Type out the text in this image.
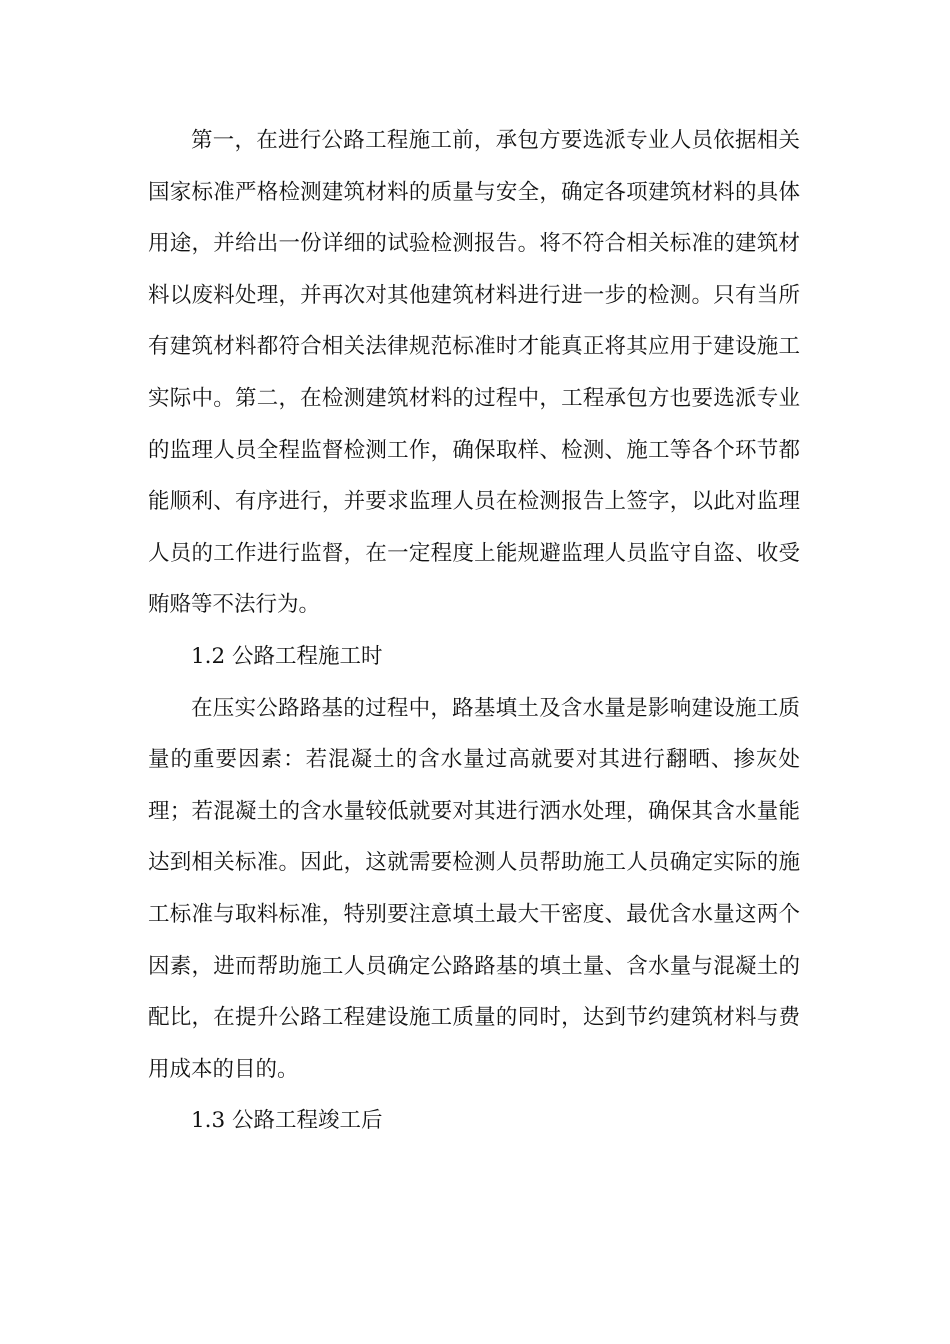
第一，在进行公路工程施工前，承包方要选派专业人员依据相关国家标准严格检测建筑材料的质量与安全，确定各项建筑材料的具体用途，并给出一份详细的试验检测报告。将不符合相关标准的建筑材料以废料处理，并再次对其他建筑材料进行进一步的检测。只有当所有建筑材料都符合相关法律规范标准时才能真正将其应用于建设施工实际中。第二，在检测建筑材料的过程中，工程承包方也要选派专业的监理人员全程监督检测工作，确保取样、检测、施工等各个环节都能顺利、有序进行，并要求监理人员在检测报告上签字，以此对监理人员的工作进行监督，在一定程度上能规避监理人员监守自盗、收受贿赂等不法行为。

1.2 公路工程施工时

在压实公路路基的过程中，路基填土及含水量是影响建设施工质量的重要因素：若混凝土的含水量过高就要对其进行翻晒、掺灰处理；若混凝土的含水量较低就要对其进行洒水处理，确保其含水量能达到相关标准。因此，这就需要检测人员帮助施工人员确定实际的施工标准与取料标准，特别要注意填土最大干密度、最优含水量这两个因素，进而帮助施工人员确定公路路基的填土量、含水量与混凝土的配比，在提升公路工程建设施工质量的同时，达到节约建筑材料与费用成本的目的。

1.3 公路工程竣工后
